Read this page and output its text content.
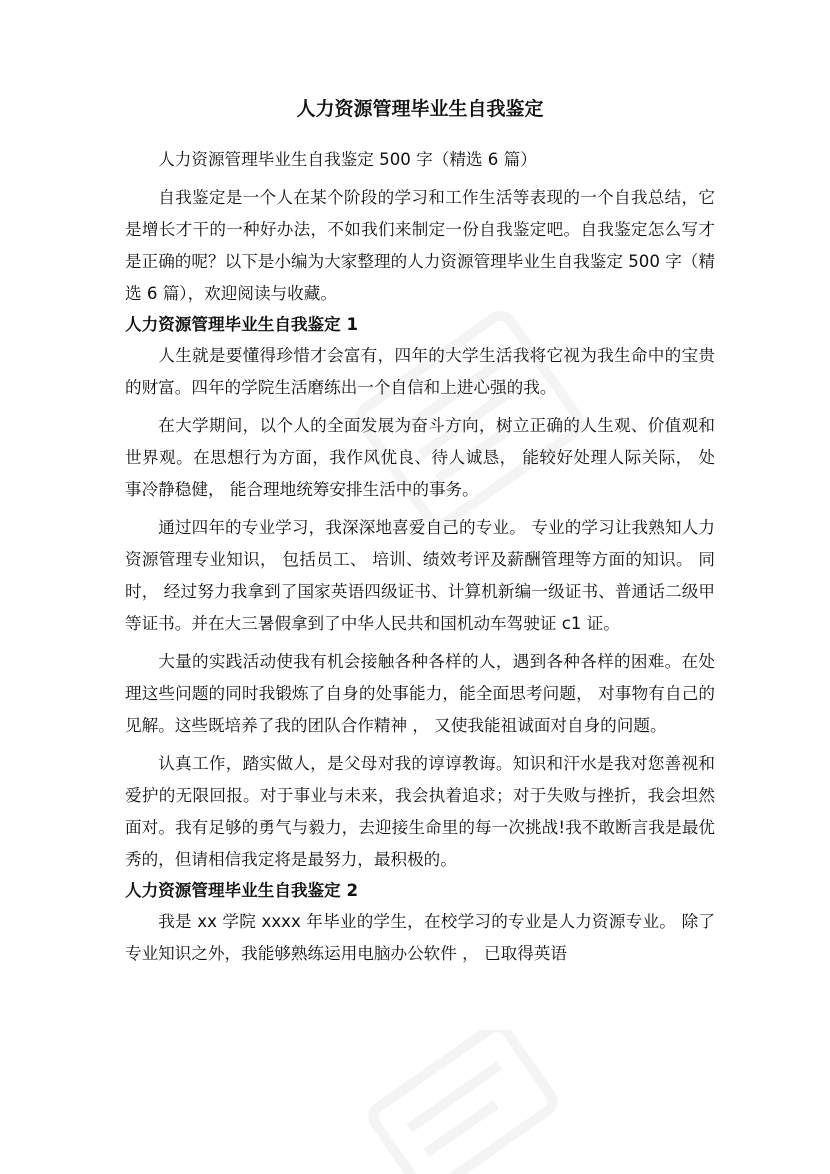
人力资源管理毕业生自我鉴定

人力资源管理毕业生自我鉴定 500 字（精选 6 篇）

自我鉴定是一个人在某个阶段的学习和工作生活等表现的一个自我总结，它是增长才干的一种好办法，不如我们来制定一份自我鉴定吧。自我鉴定怎么写才是正确的呢？以下是小编为大家整理的人力资源管理毕业生自我鉴定 500 字（精选 6 篇），欢迎阅读与收藏。

人力资源管理毕业生自我鉴定 1

人生就是要懂得珍惜才会富有，四年的大学生活我将它视为我生命中的宝贵的财富。四年的学院生活磨练出一个自信和上进心强的我。

在大学期间，以个人的全面发展为奋斗方向，树立正确的人生观、价值观和世界观。在思想行为方面，我作风优良、待人诚恳， 能较好处理人际关际， 处事冷静稳健， 能合理地统筹安排生活中的事务。

通过四年的专业学习，我深深地喜爱自己的专业。 专业的学习让我熟知人力资源管理专业知识， 包括员工、 培训、绩效考评及薪酬管理等方面的知识。 同时， 经过努力我拿到了国家英语四级证书、计算机新编一级证书、普通话二级甲等证书。并在大三暑假拿到了中华人民共和国机动车驾驶证 c1 证。

大量的实践活动使我有机会接触各种各样的人，遇到各种各样的困难。在处理这些问题的同时我锻炼了自身的处事能力，能全面思考问题， 对事物有自己的见解。这些既培养了我的团队合作精神 ， 又使我能祖诚面对自身的问题。

认真工作，踏实做人，是父母对我的谆谆教诲。知识和汗水是我对您善视和爱护的无限回报。对于事业与未来，我会执着追求；对于失败与挫折，我会坦然面对。我有足够的勇气与毅力，去迎接生命里的每一次挑战!我不敢断言我是最优秀的，但请相信我定将是最努力，最积极的。

人力资源管理毕业生自我鉴定 2

我是 xx 学院 xxxx 年毕业的学生，在校学习的专业是人力资源专业。 除了专业知识之外，我能够熟练运用电脑办公软件 ， 已取得英语
